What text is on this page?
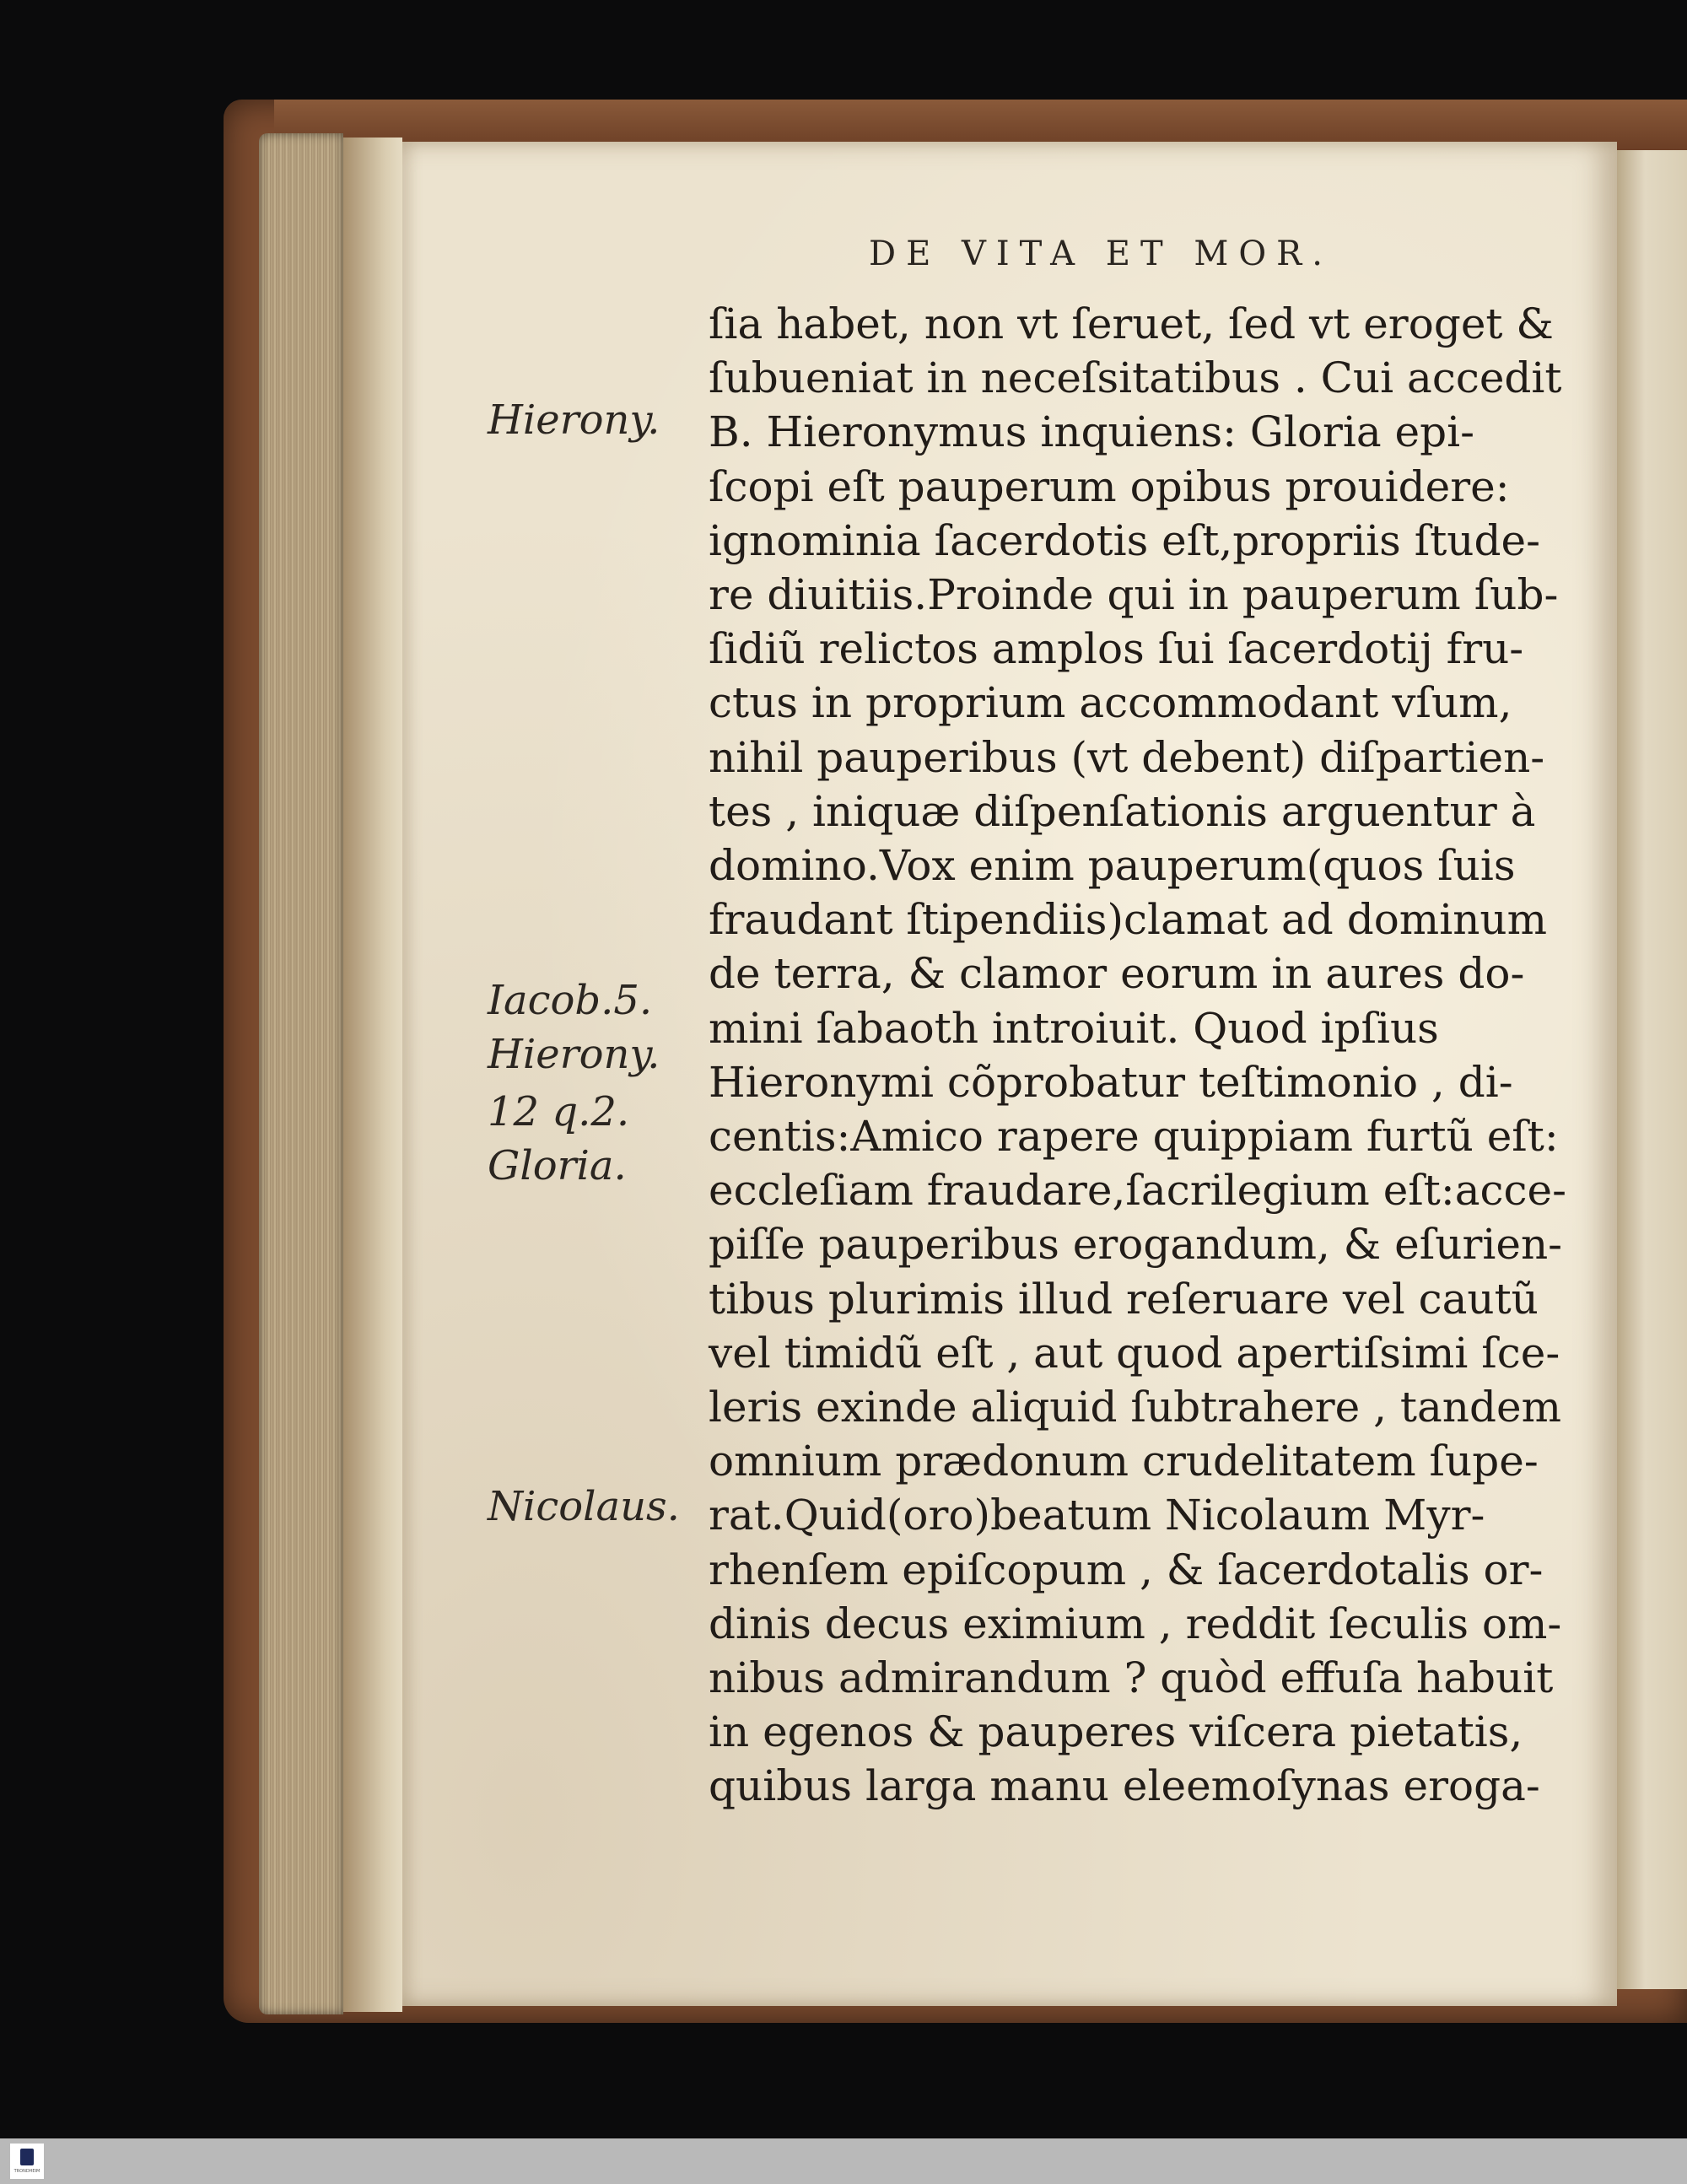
DE VITA ET MOR.
Hierony.
Iacob.5.
Hierony.
12 q.2.
Gloria.
Nicolaus.
ſia habet, non vt ſeruet, ſed vt eroget &
ſubueniat in neceſsitatibus . Cui accedit
B. Hieronymus inquiens: Gloria epi-
ſcopi eſt pauperum opibus prouidere:
ignominia ſacerdotis eſt,propriis ſtude-
re diuitiis.Proinde qui in pauperum ſub-
ſidiũ relictos amplos ſui ſacerdotij fru-
ctus in proprium accommodant vſum,
nihil pauperibus (vt debent) diſpartien-
tes , iniquæ diſpenſationis arguentur à
domino.Vox enim pauperum(quos ſuis
fraudant ſtipendiis)clamat ad dominum
de terra, & clamor eorum in aures do-
mini ſabaoth introiuit. Quod ipſius
Hieronymi cõprobatur teſtimonio , di-
centis:Amico rapere quippiam furtũ eſt:
eccleſiam fraudare,ſacrilegium eſt:acce-
piſſe pauperibus erogandum, & eſurien-
tibus plurimis illud reſeruare vel cautũ
vel timidũ eſt , aut quod apertiſsimi ſce-
leris exinde aliquid ſubtrahere , tandem
omnium prædonum crudelitatem ſupe-
rat.Quid(oro)beatum Nicolaum Myr-
rhenſem epiſcopum , & ſacerdotalis or-
dinis decus eximium , reddit ſeculis om-
nibus admirandum ? quòd effuſa habuit
in egenos & pauperes viſcera pietatis,
quibus larga manu eleemoſynas eroga-
TRONDHEIM
